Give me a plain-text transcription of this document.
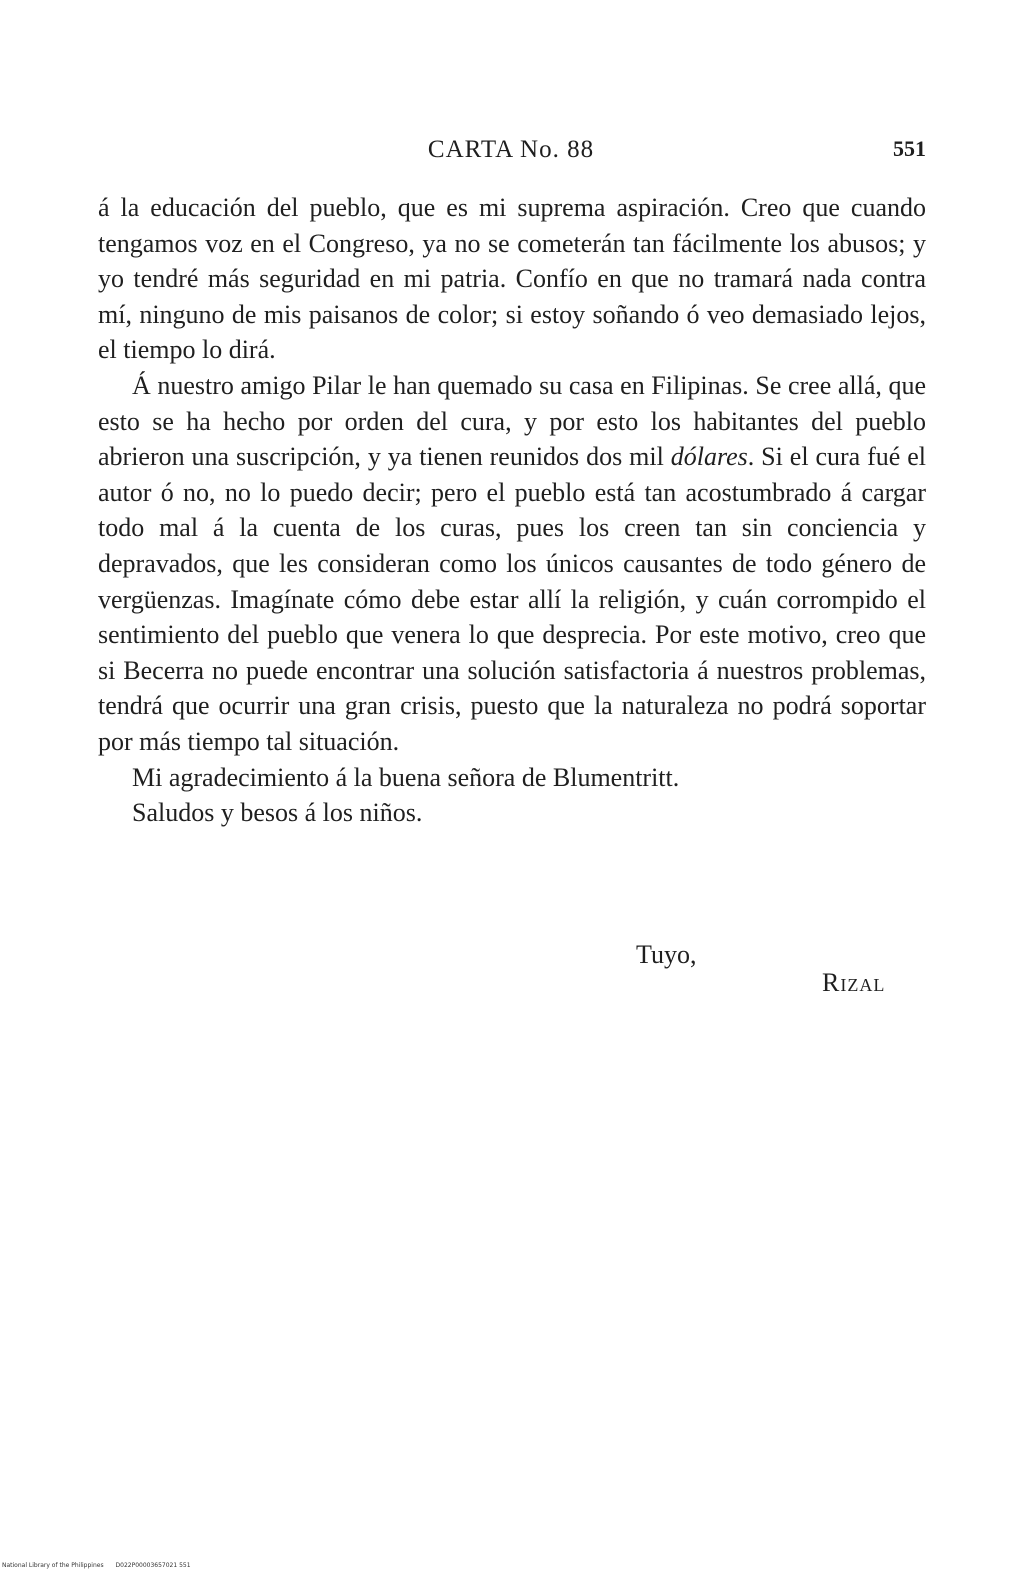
CARTA No. 88	551

á la educación del pueblo, que es mi suprema aspiración. Creo que cuando tengamos voz en el Congreso, ya no se cometerán tan fácilmente los abusos; y yo tendré más seguridad en mi patria. Confío en que no tramará nada contra mí, ninguno de mis paisanos de color; si estoy soñando ó veo demasiado lejos, el tiempo lo dirá.

Á nuestro amigo Pilar le han quemado su casa en Filipinas. Se cree allá, que esto se ha hecho por orden del cura, y por esto los habitantes del pueblo abrieron una suscripción, y ya tienen reunidos dos mil dólares. Si el cura fué el autor ó no, no lo puedo decir; pero el pueblo está tan acostumbrado á cargar todo mal á la cuenta de los curas, pues los creen tan sin conciencia y depravados, que les consideran como los únicos causantes de todo género de vergüenzas. Imagínate cómo debe estar allí la religión, y cuán corrompido el sentimiento del pueblo que venera lo que desprecia. Por este motivo, creo que si Becerra no puede encontrar una solución satisfactoria á nuestros problemas, tendrá que ocurrir una gran crisis, puesto que la naturaleza no podrá soportar por más tiempo tal situación.

Mi agradecimiento á la buena señora de Blumentritt.

Saludos y besos á los niños.

Tuyo,
Rizal
National Library of the Philippines D022P00003657021 551
